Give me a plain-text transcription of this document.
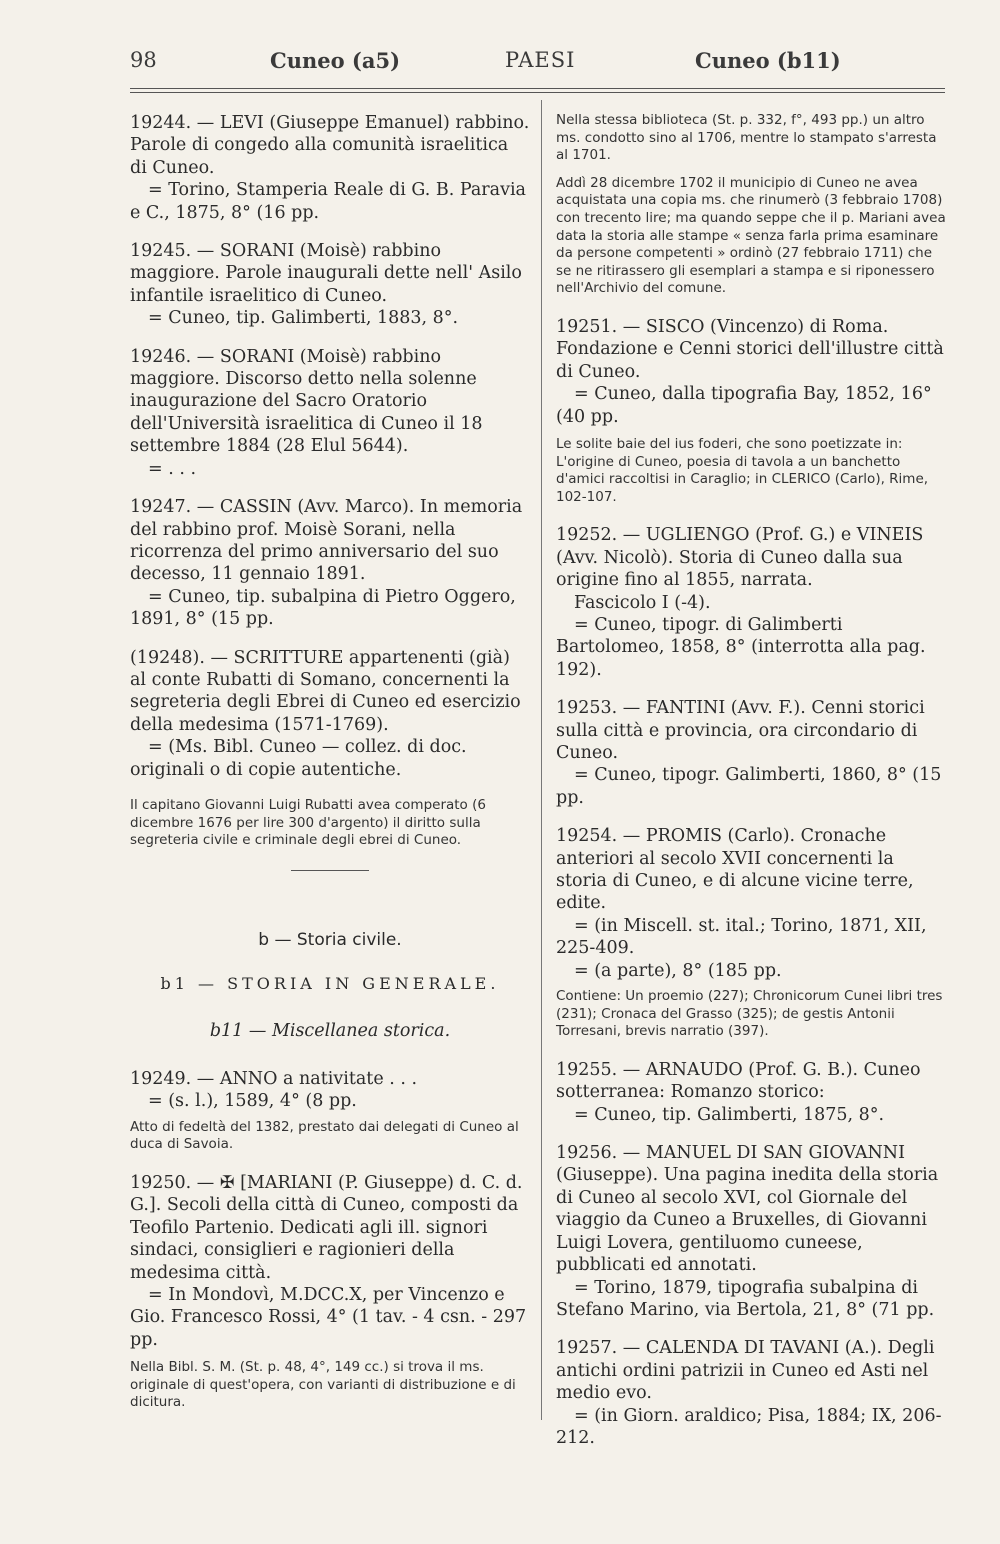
98	Cuneo (a5)	PAESI	Cuneo (b11)

19244. — LEVI (Giuseppe Emanuel) rabbino. Parole di congedo alla comunità israelitica di Cuneo.

= Torino, Stamperia Reale di G. B. Paravia e C., 1875, 8° (16 pp.

19245. — SORANI (Moisè) rabbino maggiore. Parole inaugurali dette nell' Asilo infantile israelitico di Cuneo.

= Cuneo, tip. Galimberti, 1883, 8°.

19246. — SORANI (Moisè) rabbino maggiore. Discorso detto nella solenne inaugurazione del Sacro Oratorio dell'Università israelitica di Cuneo il 18 settembre 1884 (28 Elul 5644).

= . . .

19247. — CASSIN (Avv. Marco). In memoria del rabbino prof. Moisè Sorani, nella ricorrenza del primo anniversario del suo decesso, 11 gennaio 1891.

= Cuneo, tip. subalpina di Pietro Oggero, 1891, 8° (15 pp.

(19248). — SCRITTURE appartenenti (già) al conte Rubatti di Somano, concernenti la segreteria degli Ebrei di Cuneo ed esercizio della medesima (1571-1769).

= (Ms. Bibl. Cuneo — collez. di doc. originali o di copie autentiche.

Il capitano Giovanni Luigi Rubatti avea comperato (6 dicembre 1676 per lire 300 d'argento) il diritto sulla segreteria civile e criminale degli ebrei di Cuneo.

b — Storia civile.

b1 — STORIA IN GENERALE.

b11 — Miscellanea storica.

19249. — ANNO a nativitate . . .

= (s. l.), 1589, 4° (8 pp.

Atto di fedeltà del 1382, prestato dai delegati di Cuneo al duca di Savoia.

19250. — ✠ [MARIANI (P. Giuseppe) d. C. d. G.]. Secoli della città di Cuneo, composti da Teofilo Partenio. Dedicati agli ill. signori sindaci, consiglieri e ragionieri della medesima città.

= In Mondovì, M.DCC.X, per Vincenzo e Gio. Francesco Rossi, 4° (1 tav. - 4 csn. - 297 pp.

Nella Bibl. S. M. (St. p. 48, 4°, 149 cc.) si trova il ms. originale di quest'opera, con varianti di distribuzione e di dicitura.

Nella stessa biblioteca (St. p. 332, f°, 493 pp.) un altro ms. condotto sino al 1706, mentre lo stampato s'arresta al 1701.

Addì 28 dicembre 1702 il municipio di Cuneo ne avea acquistata una copia ms. che rinumerò (3 febbraio 1708) con trecento lire; ma quando seppe che il p. Mariani avea data la storia alle stampe « senza farla prima esaminare da persone competenti » ordinò (27 febbraio 1711) che se ne ritirassero gli esemplari a stampa e si riponessero nell'Archivio del comune.

19251. — SISCO (Vincenzo) di Roma. Fondazione e Cenni storici dell'illustre città di Cuneo.

= Cuneo, dalla tipografia Bay, 1852, 16° (40 pp.

Le solite baie del ius foderi, che sono poetizzate in: L'origine di Cuneo, poesia di tavola a un banchetto d'amici raccoltisi in Caraglio; in CLERICO (Carlo), Rime, 102-107.

19252. — UGLIENGO (Prof. G.) e VINEIS (Avv. Nicolò). Storia di Cuneo dalla sua origine fino al 1855, narrata.

Fascicolo I (-4).

= Cuneo, tipogr. di Galimberti Bartolomeo, 1858, 8° (interrotta alla pag. 192).

19253. — FANTINI (Avv. F.). Cenni storici sulla città e provincia, ora circondario di Cuneo.

= Cuneo, tipogr. Galimberti, 1860, 8° (15 pp.

19254. — PROMIS (Carlo). Cronache anteriori al secolo XVII concernenti la storia di Cuneo, e di alcune vicine terre, edite.

= (in Miscell. st. ital.; Torino, 1871, XII, 225-409.

= (a parte), 8° (185 pp.

Contiene: Un proemio (227); Chronicorum Cunei libri tres (231); Cronaca del Grasso (325); de gestis Antonii Torresani, brevis narratio (397).

19255. — ARNAUDO (Prof. G. B.). Cuneo sotterranea: Romanzo storico:

= Cuneo, tip. Galimberti, 1875, 8°.

19256. — MANUEL DI SAN GIOVANNI (Giuseppe). Una pagina inedita della storia di Cuneo al secolo XVI, col Giornale del viaggio da Cuneo a Bruxelles, di Giovanni Luigi Lovera, gentiluomo cuneese, pubblicati ed annotati.

= Torino, 1879, tipografia subalpina di Stefano Marino, via Bertola, 21, 8° (71 pp.

19257. — CALENDA DI TAVANI (A.). Degli antichi ordini patrizii in Cuneo ed Asti nel medio evo.

= (in Giorn. araldico; Pisa, 1884; IX, 206-212.
